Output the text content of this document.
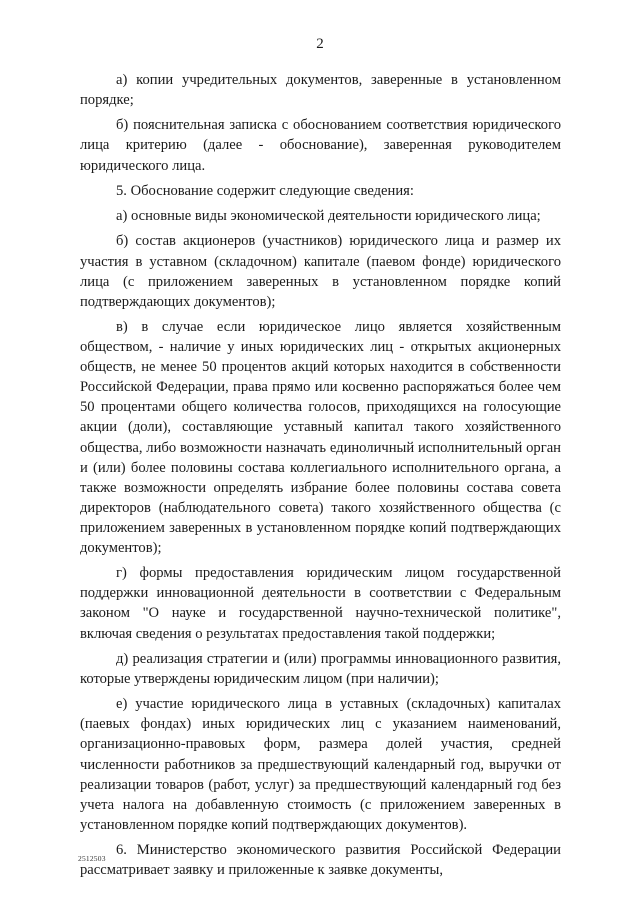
2

а) копии учредительных документов, заверенные в установленном порядке;

б) пояснительная записка с обоснованием соответствия юридического лица критерию (далее - обоснование), заверенная руководителем юридического лица.

5. Обоснование содержит следующие сведения:

а) основные виды экономической деятельности юридического лица;

б) состав акционеров (участников) юридического лица и размер их участия в уставном (складочном) капитале (паевом фонде) юридического лица (с приложением заверенных в установленном порядке копий подтверждающих документов);

в) в случае если юридическое лицо является хозяйственным обществом, - наличие у иных юридических лиц - открытых акционерных обществ, не менее 50 процентов акций которых находится в собственности Российской Федерации, права прямо или косвенно распоряжаться более чем 50 процентами общего количества голосов, приходящихся на голосующие акции (доли), составляющие уставный капитал такого хозяйственного общества, либо возможности назначать единоличный исполнительный орган и (или) более половины состава коллегиального исполнительного органа, а также возможности определять избрание более половины состава совета директоров (наблюдательного совета) такого хозяйственного общества (с приложением заверенных в установленном порядке копий подтверждающих документов);

г) формы предоставления юридическим лицом государственной поддержки инновационной деятельности в соответствии с Федеральным законом "О науке и государственной научно-технической политике", включая сведения о результатах предоставления такой поддержки;

д) реализация стратегии и (или) программы инновационного развития, которые утверждены юридическим лицом (при наличии);

е) участие юридического лица в уставных (складочных) капиталах (паевых фондах) иных юридических лиц с указанием наименований, организационно-правовых форм, размера долей участия, средней численности работников за предшествующий календарный год, выручки от реализации товаров (работ, услуг) за предшествующий календарный год без учета налога на добавленную стоимость (с приложением заверенных в установленном порядке копий подтверждающих документов).

6. Министерство экономического развития Российской Федерации рассматривает заявку и приложенные к заявке документы,

2512503
